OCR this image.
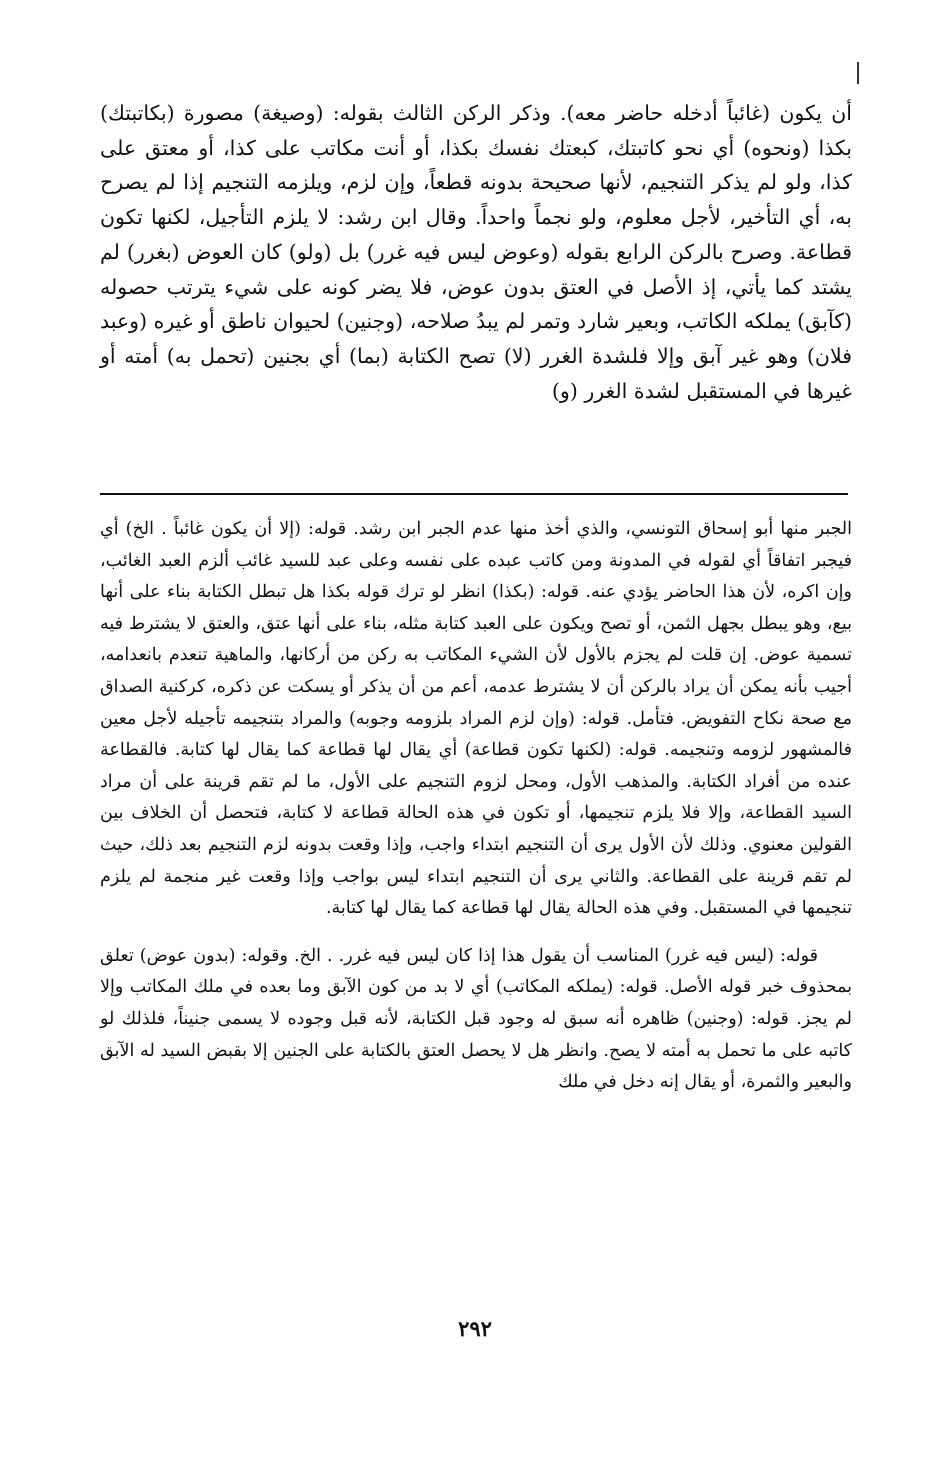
أن يكون (غائباً أدخله حاضر معه). وذكر الركن الثالث بقوله: (وصيغة) مصورة (بكاتبتك) بكذا (ونحوه) أي نحو كاتبتك، كبعتك نفسك بكذا، أو أنت مكاتب على كذا، أو معتق على كذا، ولو لم يذكر التنجيم، لأنها صحيحة بدونه قطعاً، وإن لزم، ويلزمه التنجيم إذا لم يصرح به، أي التأخير، لأجل معلوم، ولو نجماً واحداً. وقال ابن رشد: لا يلزم التأجيل، لكنها تكون قطاعة. وصرح بالركن الرابع بقوله (وعوض ليس فيه غرر) بل (ولو) كان العوض (بغرر) لم يشتد كما يأتي، إذ الأصل في العتق بدون عوض، فلا يضر كونه على شيء يترتب حصوله (كآبق) يملكه الكاتب، وبعير شارد وتمر لم يبدُ صلاحه، (وجنين) لحيوان ناطق أو غيره (وعبد فلان) وهو غير آبق وإلا فلشدة الغرر (لا) تصح الكتابة (بما) أي بجنين (تحمل به) أمته أو غيرها في المستقبل لشدة الغرر (و)

الجبر منها أبو إسحاق التونسي، والذي أخذ منها عدم الجبر ابن رشد. قوله: (إلا أن يكون غائباً . الخ) أي فيجبر اتفاقاً أي لقوله في المدونة ومن كاتب عبده على نفسه وعلى عبد للسيد غائب ألزم العبد الغائب، وإن اكره، لأن هذا الحاضر يؤدي عنه. قوله: (بكذا) انظر لو ترك قوله بكذا هل تبطل الكتابة بناء على أنها بيع، وهو يبطل بجهل الثمن، أو تصح ويكون على العبد كتابة مثله، بناء على أنها عتق، والعتق لا يشترط فيه تسمية عوض. إن قلت لم يجزم بالأول لأن الشيء المكاتب به ركن من أركانها، والماهية تنعدم بانعدامه، أجيب بأنه يمكن أن يراد بالركن أن لا يشترط عدمه، أعم من أن يذكر أو يسكت عن ذكره، كركنية الصداق مع صحة نكاح التفويض. فتأمل. قوله: (وإن لزم المراد بلزومه وجوبه) والمراد بتنجيمه تأجيله لأجل معين فالمشهور لزومه وتنجيمه. قوله: (لكنها تكون قطاعة) أي يقال لها قطاعة كما يقال لها كتابة. فالقطاعة عنده من أفراد الكتابة. والمذهب الأول، ومحل لزوم التنجيم على الأول، ما لم تقم قرينة على أن مراد السيد القطاعة، وإلا فلا يلزم تنجيمها، أو تكون في هذه الحالة قطاعة لا كتابة، فتحصل أن الخلاف بين القولين معنوي. وذلك لأن الأول يرى أن التنجيم ابتداء واجب، وإذا وقعت بدونه لزم التنجيم بعد ذلك، حيث لم تقم قرينة على القطاعة. والثاني يرى أن التنجيم ابتداء ليس بواجب وإذا وقعت غير منجمة لم يلزم تنجيمها في المستقبل. وفي هذه الحالة يقال لها قطاعة كما يقال لها كتابة.

قوله: (ليس فيه غرر) المناسب أن يقول هذا إذا كان ليس فيه غرر. . الخ. وقوله: (بدون عوض) تعلق بمحذوف خبر قوله الأصل. قوله: (يملكه المكاتب) أي لا بد من كون الآبق وما بعده في ملك المكاتب وإلا لم يجز. قوله: (وجنين) ظاهره أنه سبق له وجود قبل الكتابة، لأنه قبل وجوده لا يسمى جنيناً، فلذلك لو كاتبه على ما تحمل به أمته لا يصح. وانظر هل لا يحصل العتق بالكتابة على الجنين إلا بقبض السيد له الآبق والبعير والثمرة، أو يقال إنه دخل في ملك

٢٩٢
